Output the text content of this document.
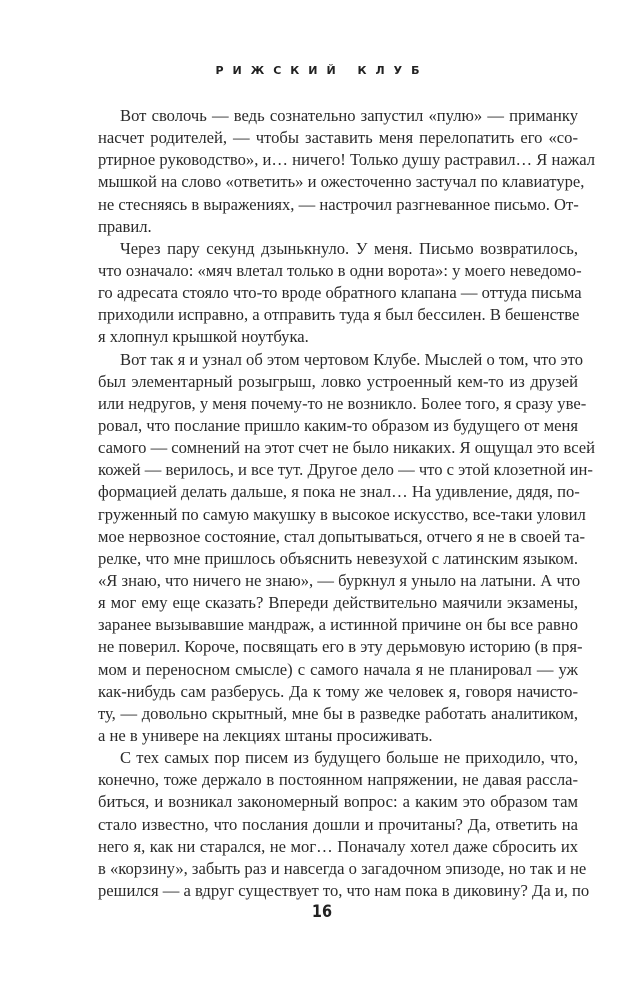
РИЖСКИЙ КЛУБ
Вот сволочь — ведь сознательно запустил «пулю» — приманку
насчет родителей, — чтобы заставить меня перелопатить его «со-
ртирное руководство», и… ничего! Только душу растравил… Я нажал
мышкой на слово «ответить» и ожесточенно застучал по клавиатуре,
не стесняясь в выражениях, — настрочил разгневанное письмо. От-
правил.
Через пару секунд дзынькнуло. У меня. Письмо возвратилось,
что означало: «мяч влетал только в одни ворота»: у моего неведомо-
го адресата стояло что-то вроде обратного клапана — оттуда письма
приходили исправно, а отправить туда я был бессилен. В бешенстве
я хлопнул крышкой ноутбука.
Вот так я и узнал об этом чертовом Клубе. Мыслей о том, что это
был элементарный розыгрыш, ловко устроенный кем-то из друзей
или недругов, у меня почему-то не возникло. Более того, я сразу уве-
ровал, что послание пришло каким-то образом из будущего от меня
самого — сомнений на этот счет не было никаких. Я ощущал это всей
кожей — верилось, и все тут. Другое дело — что с этой клозетной ин-
формацией делать дальше, я пока не знал… На удивление, дядя, по-
груженный по самую макушку в высокое искусство, все-таки уловил
мое нервозное состояние, стал допытываться, отчего я не в своей та-
релке, что мне пришлось объяснить невезухой с латинским языком.
«Я знаю, что ничего не знаю», — буркнул я уныло на латыни. А что
я мог ему еще сказать? Впереди действительно маячили экзамены,
заранее вызывавшие мандраж, а истинной причине он бы все равно
не поверил. Короче, посвящать его в эту дерьмовую историю (в пря-
мом и переносном смысле) с самого начала я не планировал — уж
как-нибудь сам разберусь. Да к тому же человек я, говоря начисто-
ту, — довольно скрытный, мне бы в разведке работать аналитиком,
а не в универе на лекциях штаны просиживать.
С тех самых пор писем из будущего больше не приходило, что,
конечно, тоже держало в постоянном напряжении, не давая рассла-
биться, и возникал закономерный вопрос: а каким это образом там
стало известно, что послания дошли и прочитаны? Да, ответить на
него я, как ни старался, не мог… Поначалу хотел даже сбросить их
в «корзину», забыть раз и навсегда о загадочном эпизоде, но так и не
решился — а вдруг существует то, что нам пока в диковину? Да и, по
16
